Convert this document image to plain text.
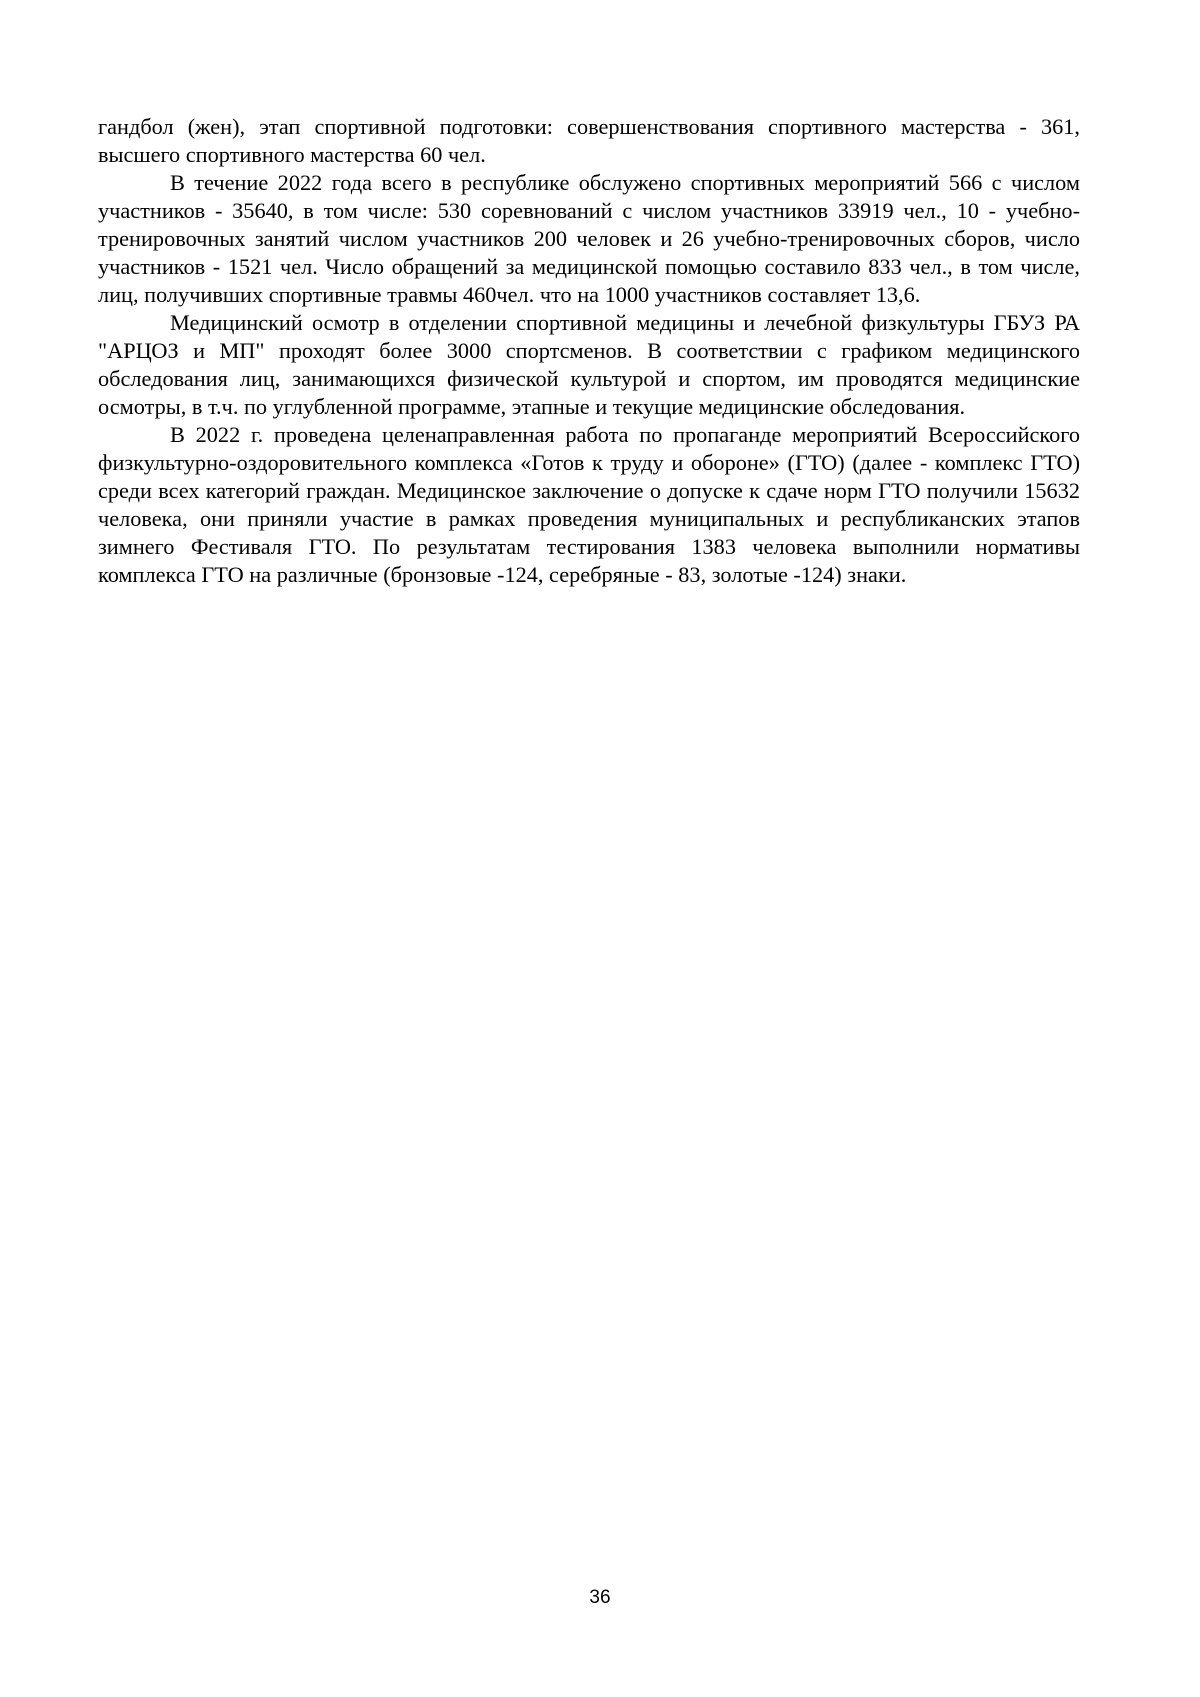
гандбол (жен), этап спортивной подготовки: совершенствования спортивного мастерства - 361, высшего спортивного мастерства 60 чел.

В течение 2022 года всего в республике обслужено спортивных мероприятий 566 с числом участников - 35640, в том числе: 530 соревнований с числом участников 33919 чел., 10 - учебно-тренировочных занятий числом участников 200 человек и 26 учебно-тренировочных сборов, число участников - 1521 чел. Число обращений за медицинской помощью составило 833 чел., в том числе, лиц, получивших спортивные травмы 460чел. что на 1000 участников составляет 13,6.

Медицинский осмотр в отделении спортивной медицины и лечебной физкультуры ГБУЗ РА "АРЦОЗ и МП" проходят более 3000 спортсменов. В соответствии с графиком медицинского обследования лиц, занимающихся физической культурой и спортом, им проводятся медицинские осмотры, в т.ч. по углубленной программе, этапные и текущие медицинские обследования.

В 2022 г. проведена целенаправленная работа по пропаганде мероприятий Всероссийского физкультурно-оздоровительного комплекса «Готов к труду и обороне» (ГТО) (далее - комплекс ГТО) среди всех категорий граждан. Медицинское заключение о допуске к сдаче норм ГТО получили 15632 человека, они приняли участие в рамках проведения муниципальных и республиканских этапов зимнего Фестиваля ГТО. По результатам тестирования 1383 человека выполнили нормативы комплекса ГТО на различные (бронзовые -124, серебряные - 83, золотые -124) знаки.

36
